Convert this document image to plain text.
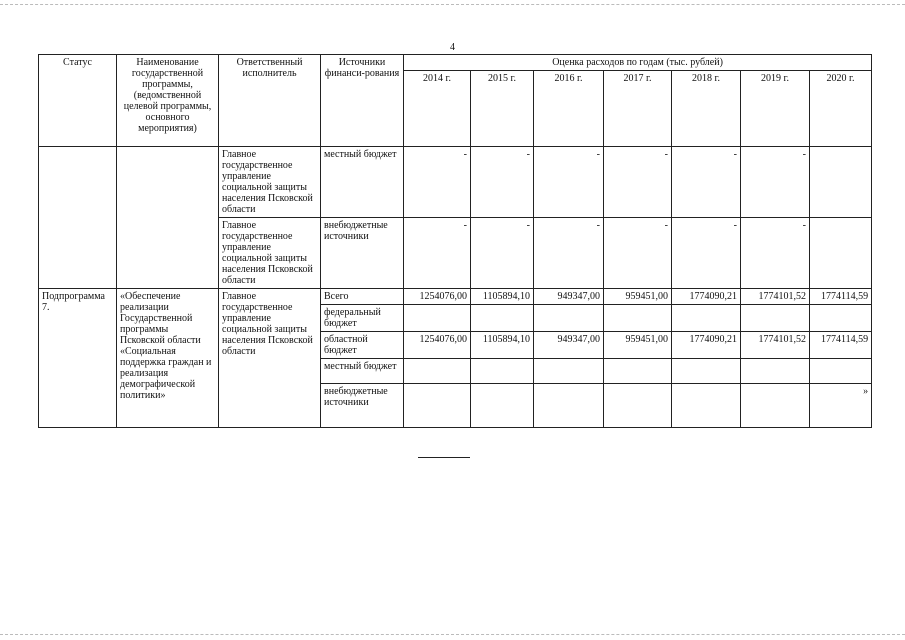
4
Статус	Наименование государственной программы, (ведомственной целевой программы, основного мероприятия)	Ответственный исполнитель	Источники финанси-рования	Оценка расходов по годам (тыс. рублей)						
				2014 г.	2015 г.	2016 г.	2017 г.	2018 г.	2019 г.	2020 г.
		Главное государственное управление социальной защиты населения Псковской области	местный бюджет	-	-	-	-	-	-	
		Главное государственное управление социальной защиты населения Псковской области	внебюджетные источники	-	-	-	-	-	-	
Подпрограмма 7.	«Обеспечение реализации Государственной программы Псковской области «Социальная поддержка граждан и реализация демографической политики»	Главное государственное управление социальной защиты населения Псковской области	Всего	1254076,00	1105894,10	949347,00	959451,00	1774090,21	1774101,52	1774114,59
			федеральный бюджет							
			областной бюджет	1254076,00	1105894,10	949347,00	959451,00	1774090,21	1774101,52	1774114,59
			местный бюджет							
			внебюджетные источники							»
